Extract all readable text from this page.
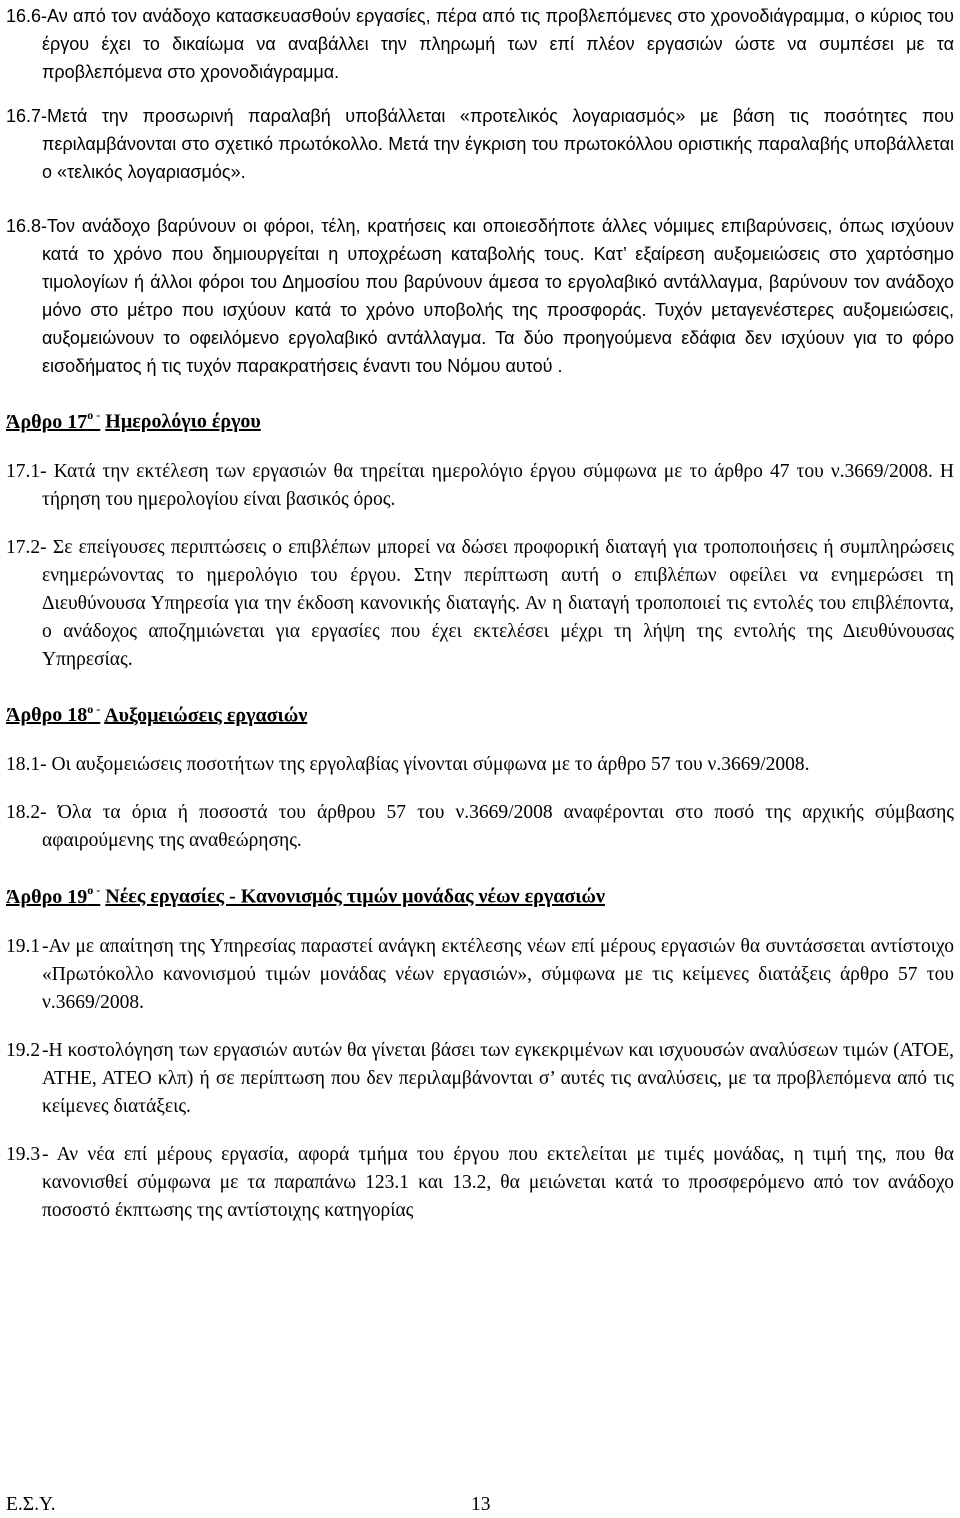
16.6-Αν από τον ανάδοχο κατασκευασθούν εργασίες, πέρα από τις προβλεπόμενες στο χρονοδιάγραμμα, ο κύριος του έργου έχει το δικαίωμα να αναβάλλει την πληρωμή των επί πλέον εργασιών ώστε να συμπέσει με τα προβλεπόμενα στο χρονοδιάγραμμα.

16.7-Μετά την προσωρινή παραλαβή υποβάλλεται «προτελικός λογαριασμός» με βάση τις ποσότητες που περιλαμβάνονται στο σχετικό πρωτόκολλο. Μετά την έγκριση του πρωτοκόλλου οριστικής παραλαβής υποβάλλεται ο «τελικός λογαριασμός».

16.8-Τον ανάδοχο βαρύνουν οι φόροι, τέλη, κρατήσεις και οποιεσδήποτε άλλες νόμιμες επιβαρύνσεις, όπως ισχύουν κατά το χρόνο που δημιουργείται η υποχρέωση καταβολής τους. Κατ’ εξαίρεση αυξομειώσεις στο χαρτόσημο τιμολογίων ή άλλοι φόροι του Δημοσίου που βαρύνουν άμεσα το εργολαβικό αντάλλαγμα, βαρύνουν τον ανάδοχο μόνο στο μέτρο που ισχύουν κατά το χρόνο υποβολής της προσφοράς. Τυχόν μεταγενέστερες αυξομειώσεις, αυξομειώνουν το οφειλόμενο εργολαβικό αντάλλαγμα. Τα δύο προηγούμενα εδάφια δεν ισχύουν για το φόρο εισοδήματος ή τις τυχόν παρακρατήσεις έναντι του Νόμου αυτού .

Άρθρο $17^{o -}$ Ημερολόγιο έργου

17.1- Κατά την εκτέλεση των εργασιών θα τηρείται ημερολόγιο έργου σύμφωνα με το άρθρο 47 του ν.3669/2008. Η τήρηση του ημερολογίου είναι βασικός όρος.

17.2- Σε επείγουσες περιπτώσεις ο επιβλέπων μπορεί να δώσει προφορική διαταγή για τροποποιήσεις ή συμπληρώσεις ενημερώνοντας το ημερολόγιο του έργου. Στην περίπτωση αυτή ο επιβλέπων οφείλει να ενημερώσει τη Διευθύνουσα Υπηρεσία για την έκδοση κανονικής διαταγής. Αν η διαταγή τροποποιεί τις εντολές του επιβλέποντα, ο ανάδοχος αποζημιώνεται για εργασίες που έχει εκτελέσει μέχρι τη λήψη της εντολής της Διευθύνουσας Υπηρεσίας.

Άρθρο $18^{o -}$ Αυξομειώσεις εργασιών

18.1- Οι αυξομειώσεις ποσοτήτων της εργολαβίας γίνονται σύμφωνα με το άρθρο 57 του ν.3669/2008.

18.2- Όλα τα όρια ή ποσοστά του άρθρου 57 του ν.3669/2008 αναφέρονται στο ποσό της αρχικής σύμβασης αφαιρούμενης της αναθεώρησης.

Άρθρο $19^{o -}$ Νέες εργασίες - Κανονισμός τιμών μονάδας νέων εργασιών

19.1 -Αν με απαίτηση της Υπηρεσίας παραστεί ανάγκη εκτέλεσης νέων επί μέρους εργασιών θα συντάσσεται αντίστοιχο «Πρωτόκολλο κανονισμού τιμών μονάδας νέων εργασιών», σύμφωνα με τις κείμενες διατάξεις άρθρο 57 του ν.3669/2008.

19.2 -Η κοστολόγηση των εργασιών αυτών θα γίνεται βάσει των εγκεκριμένων και ισχυουσών αναλύσεων τιμών (ΑΤΟΕ, ΑΤΗΕ, ΑΤΕΟ κλπ) ή σε περίπτωση που δεν περιλαμβάνονται σ’ αυτές τις αναλύσεις, με τα προβλεπόμενα από τις κείμενες διατάξεις.

19.3 - Αν νέα επί μέρους εργασία, αφορά τμήμα του έργου που εκτελείται με τιμές μονάδας, η τιμή της, που θα κανονισθεί σύμφωνα με τα παραπάνω 123.1 και 13.2, θα μειώνεται κατά το προσφερόμενο από τον ανάδοχο ποσοστό έκπτωσης της αντίστοιχης κατηγορίας

Ε.Σ.Υ.	13
